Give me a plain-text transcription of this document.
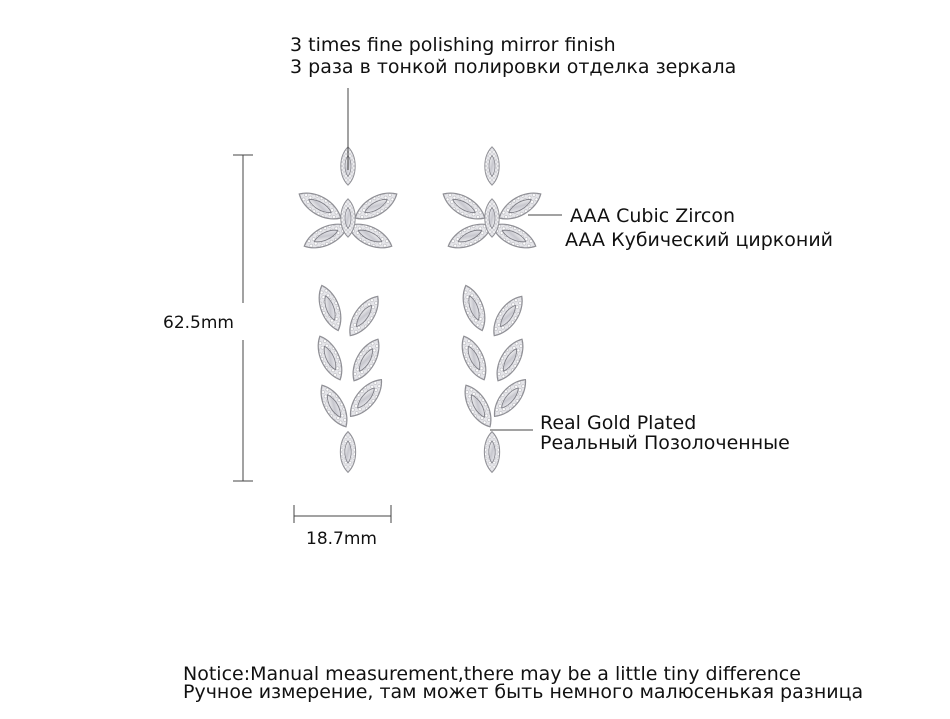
3 times fine polishing mirror finish
3 раза в тонкой полировки отделка зеркала
AAA Cubic Zircon
AAA Кубический цирконий
Real Gold Plated
Реальный Позолоченные
62.5mm
18.7mm
Notice:Manual measurement,there may be a little tiny difference
Ручное измерение, там может быть немного малюсенькая разница
